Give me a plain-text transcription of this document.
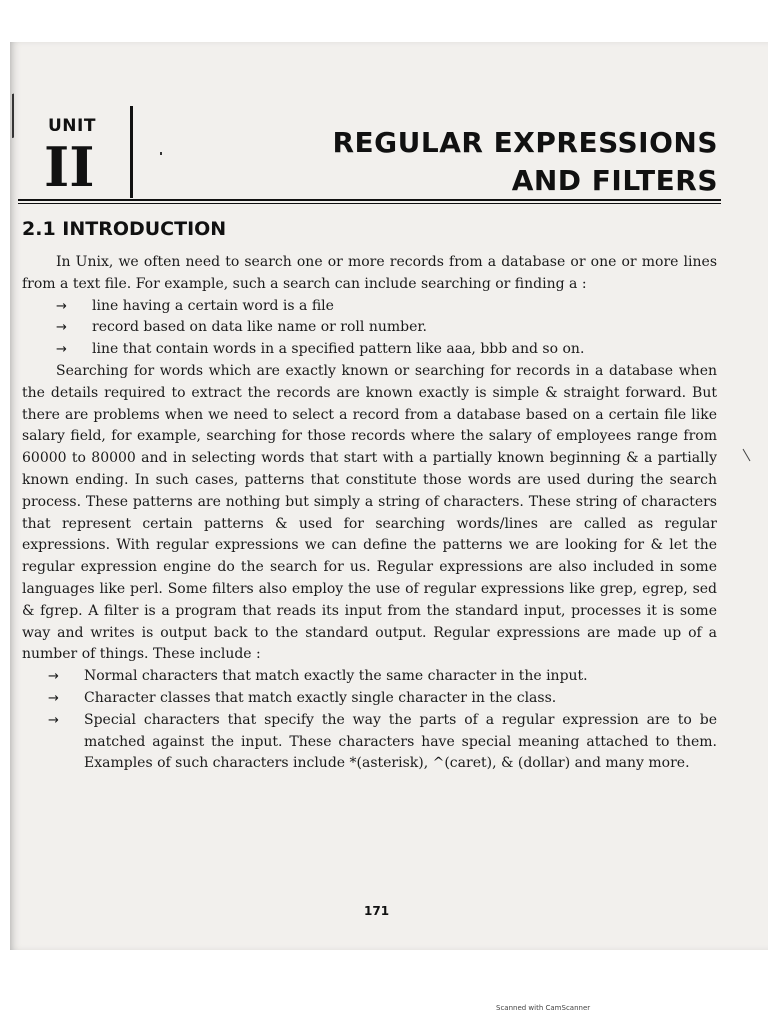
UNIT
II	REGULAR EXPRESSIONS
AND FILTERS
2.1 INTRODUCTION

In Unix, we often need to search one or more records from a database or one or more lines from a text file. For example, such a search can include searching or finding a :

→ line having a certain word is a file
→ record based on data like name or roll number.
→ line that contain words in a specified pattern like aaa, bbb and so on.

Searching for words which are exactly known or searching for records in a database when the details required to extract the records are known exactly is simple & straight forward. But there are problems when we need to select a record from a database based on a certain file like salary field, for example, searching for those records where the salary of employees range from 60000 to 80000 and in selecting words that start with a partially known beginning & a partially known ending. In such cases, patterns that constitute those words are used during the search process. These patterns are nothing but simply a string of characters. These string of characters that represent certain patterns & used for searching words/lines are called as regular expressions. With regular expressions we can define the patterns we are looking for & let the regular expression engine do the search for us. Regular expressions are also included in some languages like perl. Some filters also employ the use of regular expressions like grep, egrep, sed & fgrep. A filter is a program that reads its input from the standard input, processes it is some way and writes is output back to the standard output. Regular expressions are made up of a number of things. These include :

→ Normal characters that match exactly the same character in the input.
→ Character classes that match exactly single character in the class.
→ Special characters that specify the way the parts of a regular expression are to be matched against the input. These characters have special meaning attached to them. Examples of such characters include *(asterisk), ^(caret), & (dollar) and many more.
171
Scanned with CamScanner
